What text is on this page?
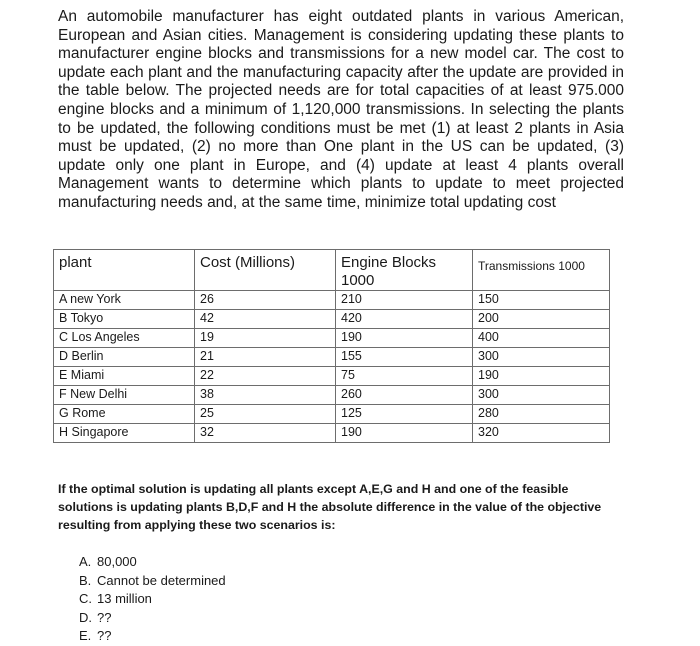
An automobile manufacturer has eight outdated plants in various American, European and Asian cities. Management is considering updating these plants to manufacturer engine blocks and transmissions for a new model car. The cost to update each plant and the manufacturing capacity after the update are provided in the table below. The projected needs are for total capacities of at least 975.000 engine blocks and a minimum of 1,120,000 transmissions. In selecting the plants to be updated, the following conditions must be met (1) at least 2 plants in Asia must be updated, (2) no more than One plant in the US can be updated, (3) update only one plant in Europe, and (4) update at least 4 plants overall Management wants to determine which plants to update to meet projected manufacturing needs and, at the same time, minimize total updating cost

plant	Cost (Millions)	Engine Blocks 1000	Transmissions 1000
A new York	26	210	150
B Tokyo	42	420	200
C Los Angeles	19	190	400
D Berlin	21	155	300
E Miami	22	75	190
F New Delhi	38	260	300
G Rome	25	125	280
H Singapore	32	190	320

If the optimal solution is updating all plants except A,E,G and H and one of the feasible solutions is updating plants B,D,F and H the absolute difference in the value of the objective resulting from applying these two scenarios is:

A. 80,000
B. Cannot be determined
C. 13 million
D. ??
E. ??
